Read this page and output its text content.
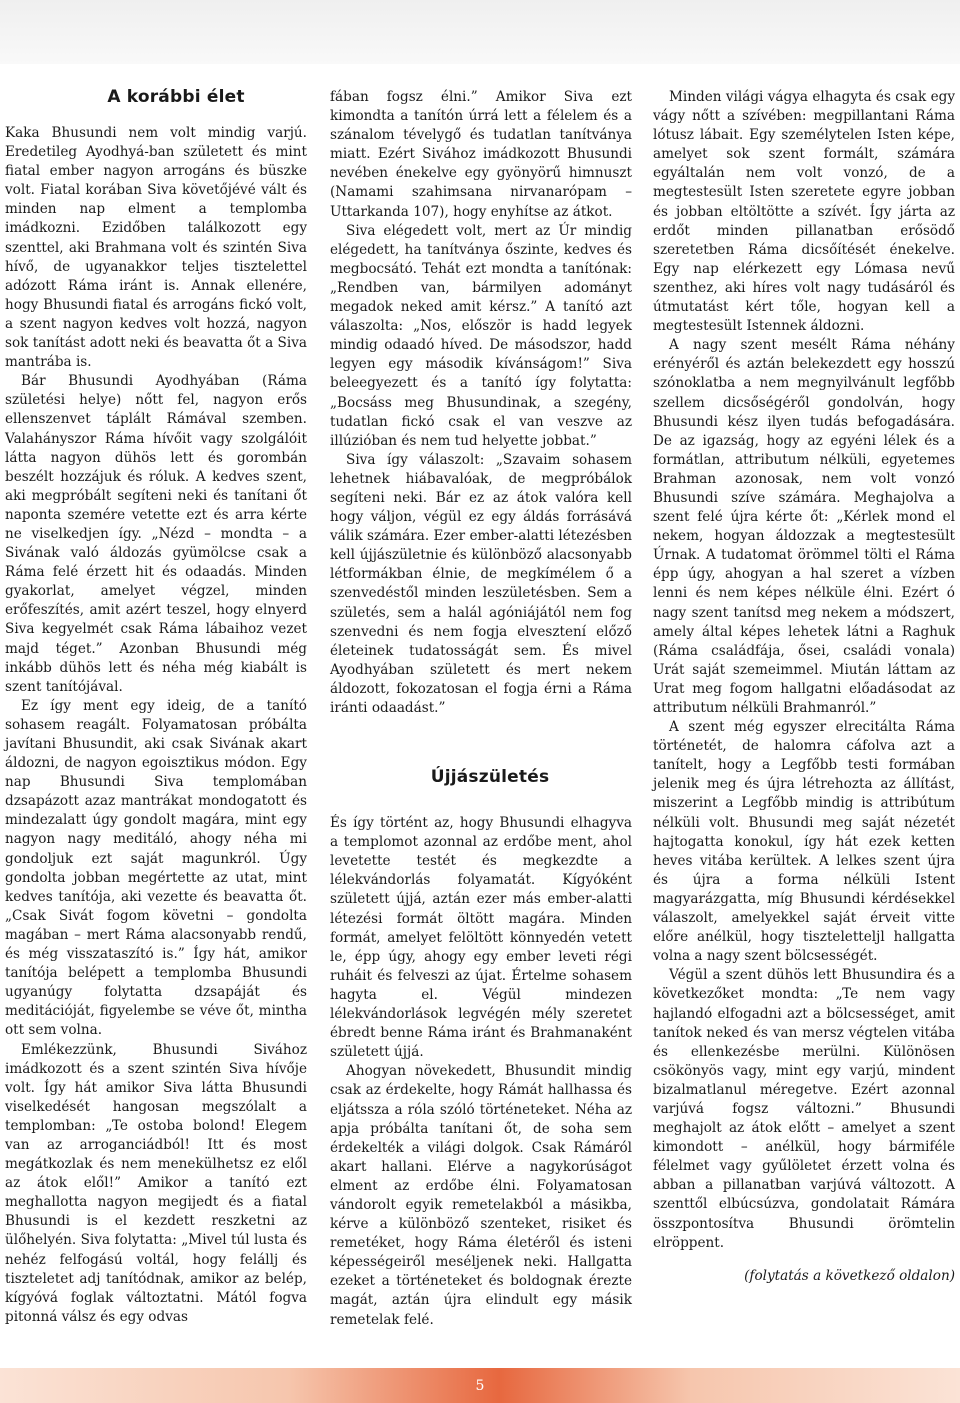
A korábbi élet

Kaka Bhusundi nem volt mindig varjú. Eredetileg Ayodhyá-ban született és mint fiatal ember nagyon arrogáns és büszke volt. Fiatal korában Siva követőjévé vált és minden nap elment a templomba imádkozni. Ezidőben találkozott egy szenttel, aki Brahmana volt és szintén Siva hívő, de ugyanakkor teljes tisztelettel adózott Ráma iránt is. Annak ellenére, hogy Bhusundi fiatal és arrogáns fickó volt, a szent nagyon kedves volt hozzá, nagyon sok tanítást adott neki és beavatta őt a Siva mantrába is.

Bár Bhusundi Ayodhyában (Ráma születési helye) nőtt fel, nagyon erős ellenszenvet táplált Rámával szemben. Valahányszor Ráma hívőit vagy szolgálóit látta nagyon dühös lett és gorombán beszélt hozzájuk és róluk. A kedves szent, aki megpróbált segíteni neki és tanítani őt naponta szemére vetette ezt és arra kérte ne viselkedjen így. „Nézd – mondta – a Sivának való áldozás gyümölcse csak a Ráma felé érzett hit és odaadás. Minden gyakorlat, amelyet végzel, minden erőfeszítés, amit azért teszel, hogy elnyerd Siva kegyelmét csak Ráma lábaihoz vezet majd téget.” Azonban Bhusundi még inkább dühös lett és néha még kiabált is szent tanítójával.

Ez így ment egy ideig, de a tanító sohasem reagált. Folyamatosan próbálta javítani Bhusundit, aki csak Sivának akart áldozni, de nagyon egoisztikus módon. Egy nap Bhusundi Siva templomában dzsapázott azaz mantrákat mondogatott és mindezalatt úgy gondolt magára, mint egy nagyon nagy meditáló, ahogy néha mi gondoljuk ezt saját magunkról. Úgy gondolta jobban megértette az utat, mint kedves tanítója, aki vezette és beavatta őt. „Csak Sivát fogom követni – gondolta magában – mert Ráma alacsonyabb rendű, és még visszataszító is.” Így hát, amikor tanítója belépett a templomba Bhusundi ugyanúgy folytatta dzsapáját és meditációját, figyelembe se véve őt, mintha ott sem volna.

Emlékezzünk, Bhusundi Sivához imádkozott és a szent szintén Siva hívője volt. Így hát amikor Siva látta Bhusundi viselkedését hangosan megszólalt a templomban: „Te ostoba bolond! Elegem van az arroganciádból! Itt és most megátkozlak és nem menekülhetsz ez elől az átok elől!” Amikor a tanító ezt meghallotta nagyon megijedt és a fiatal Bhusundi is el kezdett reszketni az ülőhelyén. Siva folytatta: „Mivel túl lusta és nehéz felfogású voltál, hogy felállj és tiszteletet adj tanítódnak, amikor az belép, kígyóvá foglak változtatni. Mától fogva pitonná válsz és egy odvas

fában fogsz élni.” Amikor Siva ezt kimondta a tanítón úrrá lett a félelem és a szánalom tévelygő és tudatlan tanítványa miatt. Ezért Sivához imádkozott Bhusundi nevében énekelve egy gyönyörű himnuszt (Namami szahimsana nirvanarópam – Uttarkanda 107), hogy enyhítse az átkot.

Siva elégedett volt, mert az Úr mindig elégedett, ha tanítványa őszinte, kedves és megbocsátó. Tehát ezt mondta a tanítónak: „Rendben van, bármilyen adományt megadok neked amit kérsz.” A tanító azt válaszolta: „Nos, először is hadd legyek mindig odaadó híved. De másodszor, hadd legyen egy második kívánságom!” Siva beleegyezett és a tanító így folytatta: „Bocsáss meg Bhusundinak, a szegény, tudatlan fickó csak el van veszve az illúzióban és nem tud helyette jobbat.”

Siva így válaszolt: „Szavaim sohasem lehetnek hiábavalóak, de megpróbálok segíteni neki. Bár ez az átok valóra kell hogy váljon, végül ez egy áldás forrásává válik számára. Ezer ember-alatti létezésben kell újjászületnie és különböző alacsonyabb létformákban élnie, de megkímélem ő a szenvedéstől minden leszületésben. Sem a születés, sem a halál agóniájától nem fog szenvedni és nem fogja elvesztení előző életeinek tudatosságát sem. És mivel Ayodhyában született és mert nekem áldozott, fokozatosan el fogja érni a Ráma iránti odaadást.”

Újjászületés

És így történt az, hogy Bhusundi elhagyva a templomot azonnal az erdőbe ment, ahol levetette testét és megkezdte a lélekvándorlás folyamatát. Kígyóként született újjá, aztán ezer más ember-alatti létezési formát öltött magára. Minden formát, amelyet felöltött könnyedén vetett le, épp úgy, ahogy egy ember leveti régi ruháit és felveszi az újat. Értelme sohasem hagyta el. Végül mindezen lélekvándorlások legvégén mély szeretet ébredt benne Ráma iránt és Brahmanaként született újjá.

Ahogyan növekedett, Bhusundit mindig csak az érdekelte, hogy Rámát hallhassa és eljátssza a róla szóló történeteket. Néha az apja próbálta tanítani őt, de soha sem érdekelték a világi dolgok. Csak Rámáról akart hallani. Elérve a nagykorúságot elment az erdőbe élni. Folyamatosan vándorolt egyik remetelakból a másikba, kérve a különböző szenteket, risiket és remetéket, hogy Ráma életéről és isteni képességeiről meséljenek neki. Hallgatta ezeket a történeteket és boldognak érezte magát, aztán újra elindult egy másik remetelak felé.

Minden világi vágya elhagyta és csak egy vágy nőtt a szívében: megpillantani Ráma lótusz lábait. Egy személytelen Isten képe, amelyet sok szent formált, számára egyáltalán nem volt vonzó, de a megtestesült Isten szeretete egyre jobban és jobban eltöltötte a szívét. Így járta az erdőt minden pillanatban erősödő szeretetben Ráma dicsőítését énekelve. Egy nap elérkezett egy Lómasa nevű szenthez, aki híres volt nagy tudásáról és útmutatást kért tőle, hogyan kell a megtestesült Istennek áldozni.

A nagy szent mesélt Ráma néhány erényéről és aztán belekezdett egy hosszú szónoklatba a nem megnyilvánult legfőbb szellem dicsőségéről gondolván, hogy Bhusundi kész ilyen tudás befogadására. De az igazság, hogy az egyéni lélek és a formátlan, attributum nélküli, egyetemes Brahman azonosak, nem volt vonzó Bhusundi szíve számára. Meghajolva a szent felé újra kérte őt: „Kérlek mond el nekem, hogyan áldozzak a megtestesült Úrnak. A tudatomat örömmel tölti el Ráma épp úgy, ahogyan a hal szeret a vízben lenni és nem képes nélküle élni. Ezért ó nagy szent tanítsd meg nekem a módszert, amely által képes lehetek látni a Raghuk (Ráma családfája, ősei, családi vonala) Urát saját szemeimmel. Miután láttam az Urat meg fogom hallgatni előadásodat az attributum nélküli Brahmanról.”

A szent még egyszer elrecitálta Ráma történetét, de halomra cáfolva azt a tanítelt, hogy a Legfőbb testi formában jelenik meg és újra létrehozta az állítást, miszerint a Legfőbb mindig is attribútum nélküli volt. Bhusundi meg saját nézetét hajtogatta konokul, így hát ezek ketten heves vitába kerültek. A lelkes szent újra és újra a forma nélküli Istent magyarázgatta, míg Bhusundi kérdésekkel válaszolt, amelyekkel saját érveit vitte előre anélkül, hogy tiszteletteljl hallgatta volna a nagy szent bölcsességét.

Végül a szent dühös lett Bhusundira és a következőket mondta: „Te nem vagy hajlandó elfogadni azt a bölcsességet, amit tanítok neked és van mersz végtelen vitába és ellenkezésbe merülni. Különösen csökönyös vagy, mint egy varjú, mindent bizalmatlanul méregetve. Ezért azonnal varjúvá fogsz változni.” Bhusundi meghajolt az átok előtt – amelyet a szent kimondott – anélkül, hogy bármiféle félelmet vagy gyűlöletet érzett volna és abban a pillanatban varjúvá változott. A szenttől elbúcsúzva, gondolatait Rámára összpontosítva Bhusundi örömtelin elröppent.

(folytatás a következő oldalon)

5
